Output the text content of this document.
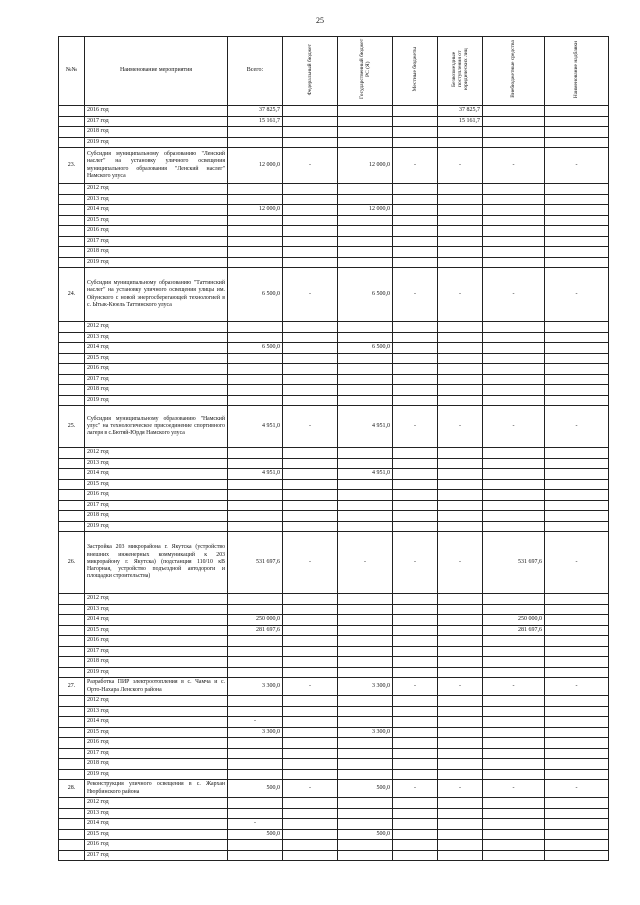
25
№№	Наименование мероприятия	Всего:	Федеральный бюджет	Государственный бюджет РС (Я)	Местные бюджеты	Безвозмездные поступления от юридических лиц	Внебюджетные средства	Наименование надбавки
	2016 год	37 825,7				37 825,7		
	2017 год	15 161,7				15 161,7		
	2018 год							
	2019 год							
23.	Субсидия муниципальному образованию "Ленский наслег" на установку уличного освещения муниципального образования "Ленский наслег" Намского улуса	12 000,0	-	12 000,0	-	-	-	-
	2012 год							
	2013 год							
	2014 год	12 000,0		12 000,0				
	2015 год							
	2016 год							
	2017 год							
	2018 год							
	2019 год							
24.	Субсидия муниципальному образованию "Таттинский наслег" на установку уличного освещения улицы им. Ойунского с новой энергосберегающей технологией в с. Ытык-Кюель Таттинского улуса	6 500,0	-	6 500,0	-	-	-	-
	2012 год							
	2013 год							
	2014 год	6 500,0		6 500,0				
	2015 год							
	2016 год							
	2017 год							
	2018 год							
	2019 год							
25.	Субсидия муниципальному образованию "Намский улус" на технологическое присоединение спортивного лагеря в с.Бютяй-Юрдя Намского улуса	4 951,0	-	4 951,0	-	-	-	-
	2012 год							
	2013 год							
	2014 год	4 951,0		4 951,0				
	2015 год							
	2016 год							
	2017 год							
	2018 год							
	2019 год							
26.	Застройка 203 микрорайона г. Якутска (устройство внешних инженерных коммуникаций к 203 микрорайону г. Якутска) (подстанция 110/10 кВ Нагорная, устройство подъездной автодороги и площадки строительства)	531 697,6	-	-	-	-	531 697,6	-
	2012 год							
	2013 год							
	2014 год	250 000,0					250 000,0	
	2015 год	281 697,6					281 697,6	
	2016 год							
	2017 год							
	2018 год							
	2019 год							
27.	Разработка ПИР электроотопления в с. Чамча и с. Орто-Нахара Ленского района	3 300,0	-	3 300,0	-	-	-	-
	2012 год							
	2013 год							
	2014 год	-						
	2015 год	3 300,0		3 300,0				
	2016 год							
	2017 год							
	2018 год							
	2019 год							
28.	Реконструкция уличного освещения в с. Жархан Нюрбинского района	500,0	-	500,0	-	-	-	-
	2012 год							
	2013 год							
	2014 год	-						
	2015 год	500,0		500,0				
	2016 год							
	2017 год							
